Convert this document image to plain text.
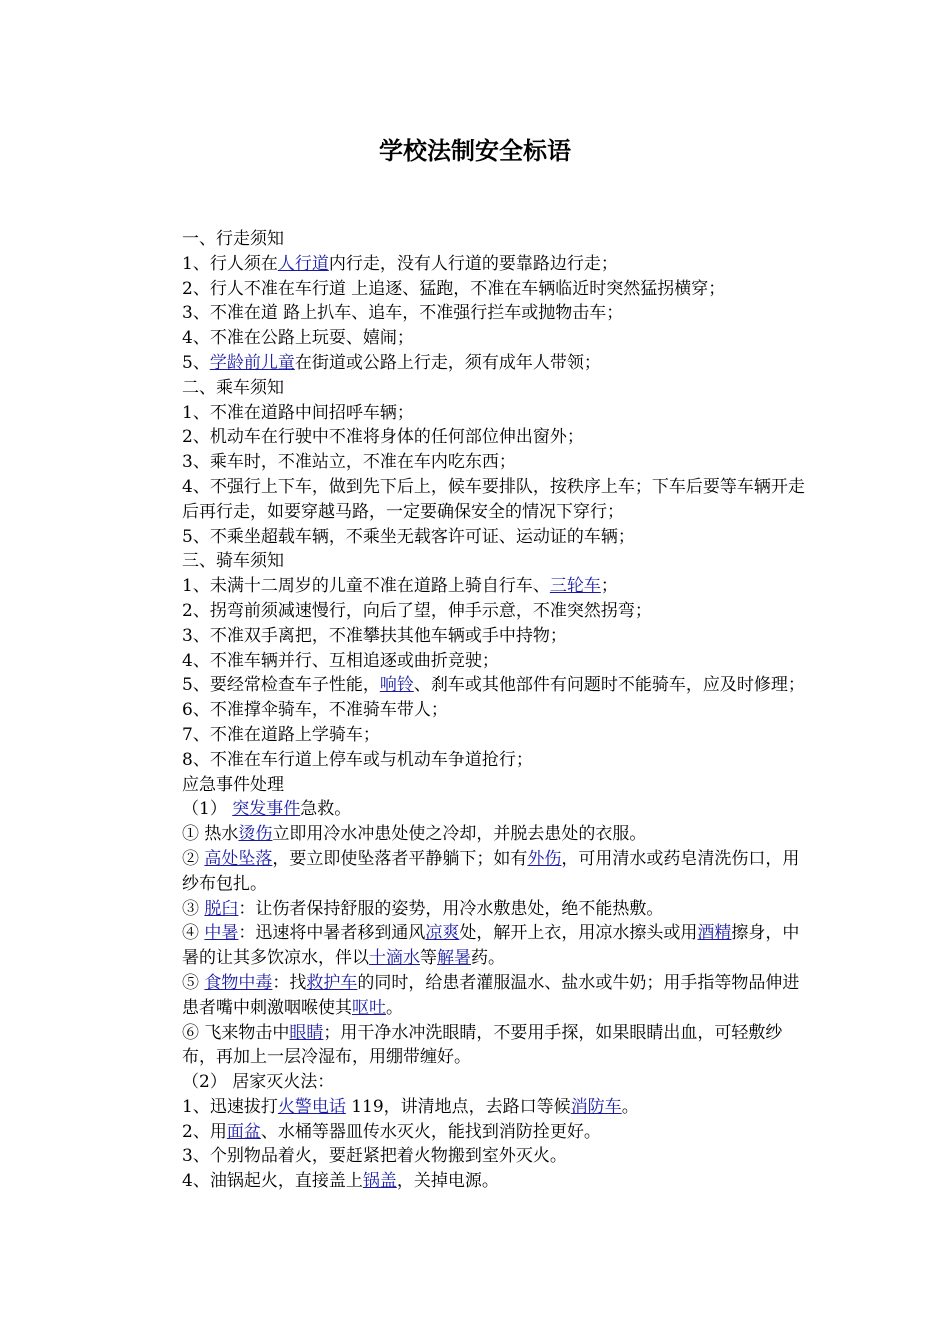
学校法制安全标语

一、行走须知

1、行人须在人行道内行走，没有人行道的要靠路边行走；

2、行人不准在车行道 上追逐、猛跑，不准在车辆临近时突然猛拐横穿；

3、不准在道 路上扒车、追车，不准强行拦车或抛物击车；

4、不准在公路上玩耍、嬉闹；

5、学龄前儿童在街道或公路上行走，须有成年人带领；

二、乘车须知

1、不准在道路中间招呼车辆；

2、机动车在行驶中不准将身体的任何部位伸出窗外；

3、乘车时，不准站立，不准在车内吃东西；

4、不强行上下车，做到先下后上，候车要排队，按秩序上车；下车后要等车辆开走后再行走，如要穿越马路，一定要确保安全的情况下穿行；

5、不乘坐超载车辆，不乘坐无载客许可证、运动证的车辆；

三、骑车须知

1、未满十二周岁的儿童不准在道路上骑自行车、三轮车；

2、拐弯前须减速慢行，向后了望，伸手示意，不准突然拐弯；

3、不准双手离把，不准攀扶其他车辆或手中持物；

4、不准车辆并行、互相追逐或曲折竞驶；

5、要经常检查车子性能，响铃、刹车或其他部件有问题时不能骑车，应及时修理；

6、不准撑伞骑车，不准骑车带人；

7、不准在道路上学骑车；

8、不准在车行道上停车或与机动车争道抢行；

应急事件处理

（1） 突发事件急救。

① 热水烫伤立即用冷水冲患处使之冷却，并脱去患处的衣服。

② 高处坠落，要立即使坠落者平静躺下；如有外伤，可用清水或药皂清洗伤口，用纱布包扎。

③ 脱臼：让伤者保持舒服的姿势，用冷水敷患处，绝不能热敷。

④ 中暑：迅速将中暑者移到通风凉爽处，解开上衣，用凉水擦头或用酒精擦身，中暑的让其多饮凉水，伴以十滴水等解暑药。

⑤ 食物中毒：找救护车的同时，给患者灌服温水、盐水或牛奶；用手指等物品伸进患者嘴中刺激咽喉使其呕吐。

⑥ 飞来物击中眼睛；用干净水冲洗眼睛，不要用手探，如果眼睛出血，可轻敷纱布，再加上一层冷湿布，用绷带缠好。

（2） 居家灭火法：

1、迅速拔打火警电话 119，讲清地点，去路口等候消防车。

2、用面盆、水桶等器皿传水灭火，能找到消防拴更好。

3、个别物品着火，要赶紧把着火物搬到室外灭火。

4、油锅起火，直接盖上锅盖，关掉电源。
